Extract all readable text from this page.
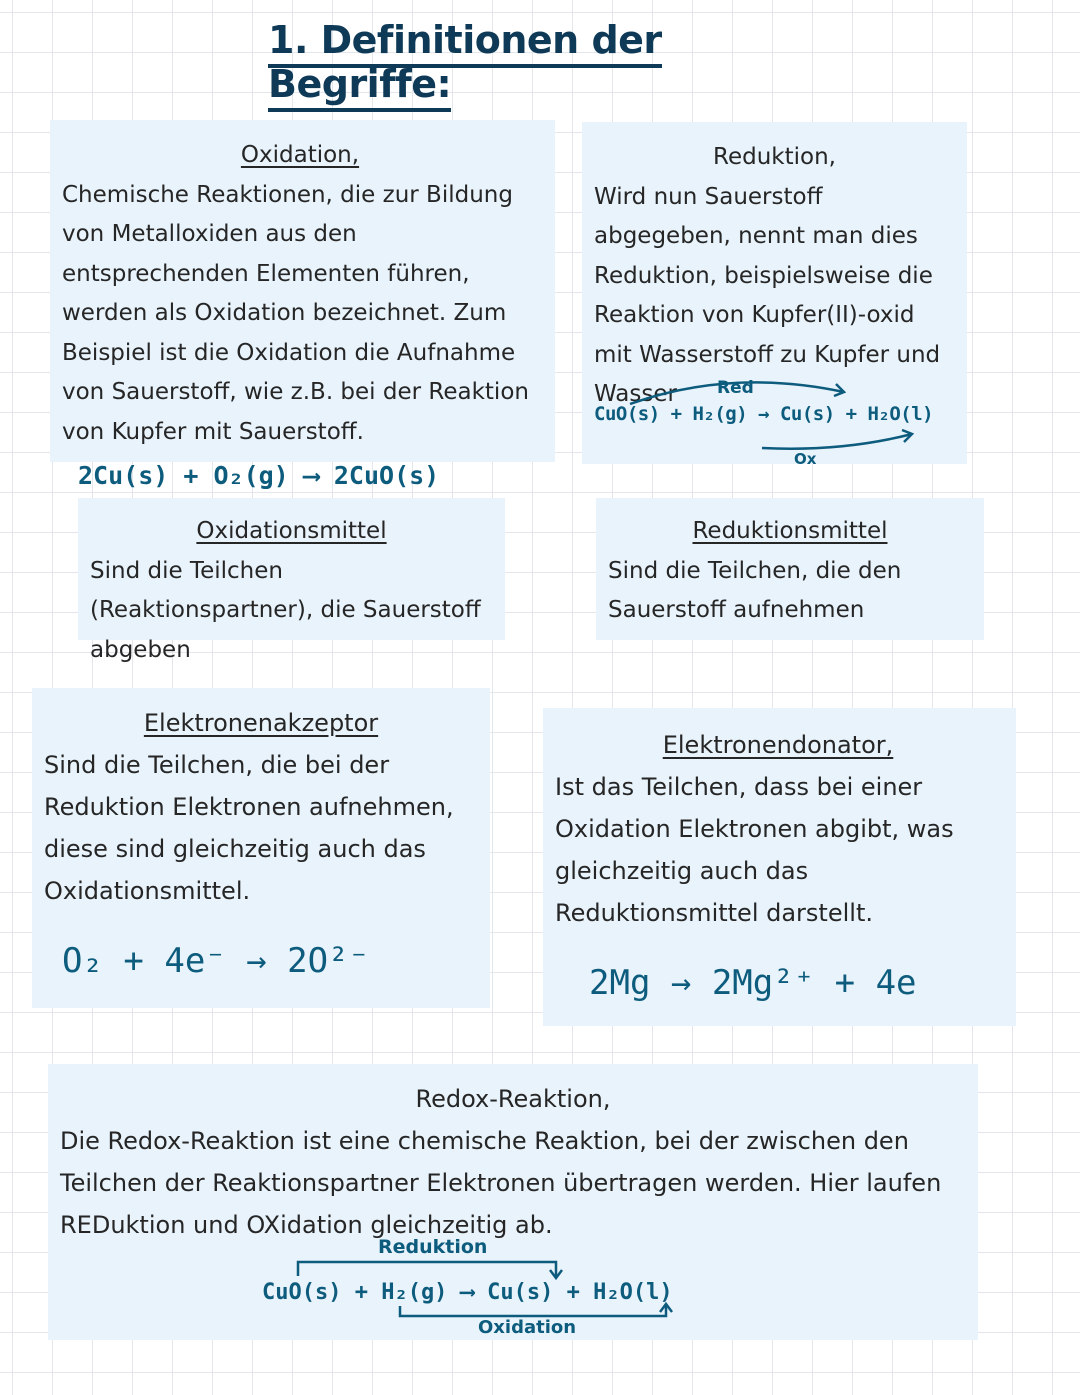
1. Definitionen der Begriffe:
Oxidation,

Chemische Reaktionen, die zur Bildung von Metalloxiden aus den entsprechenden Elementen führen, werden als Oxidation bezeichnet. Zum Beispiel ist die Oxidation die Aufnahme von Sauerstoff, wie z.B. bei der Reaktion von Kupfer mit Sauerstoff.

2Cu(s) + O₂(g) ⟶ 2CuO(s)
Reduktion,

Wird nun Sauerstoff abgegeben, nennt man dies Reduktion, beispielsweise die Reaktion von Kupfer(II)-oxid mit Wasserstoff zu Kupfer und Wasser	Red
CuO(s) + H₂(g) → Cu(s) + H₂O(l)
Ox
Oxidationsmittel

Sind die Teilchen (Reaktionspartner), die Sauerstoff abgeben

Reduktionsmittel

Sind die Teilchen, die den Sauerstoff aufnehmen

Elektronenakzeptor

Sind die Teilchen, die bei der Reduktion Elektronen aufnehmen, diese sind gleichzeitig auch das Oxidationsmittel.

O₂ + 4e⁻ → 2O²⁻
Elektronendonator,

Ist das Teilchen, dass bei einer Oxidation Elektronen abgibt, was gleichzeitig auch das Reduktionsmittel darstellt.

2Mg → 2Mg²⁺ + 4e
Redox-Reaktion,

Die Redox-Reaktion ist eine chemische Reaktion, bei der zwischen den Teilchen der Reaktionspartner Elektronen übertragen werden. Hier laufen REDuktion und OXidation gleichzeitig ab.

Reduktion
CuO(s) + H₂(g) ⟶ Cu(s) + H₂O(l)
Oxidation
